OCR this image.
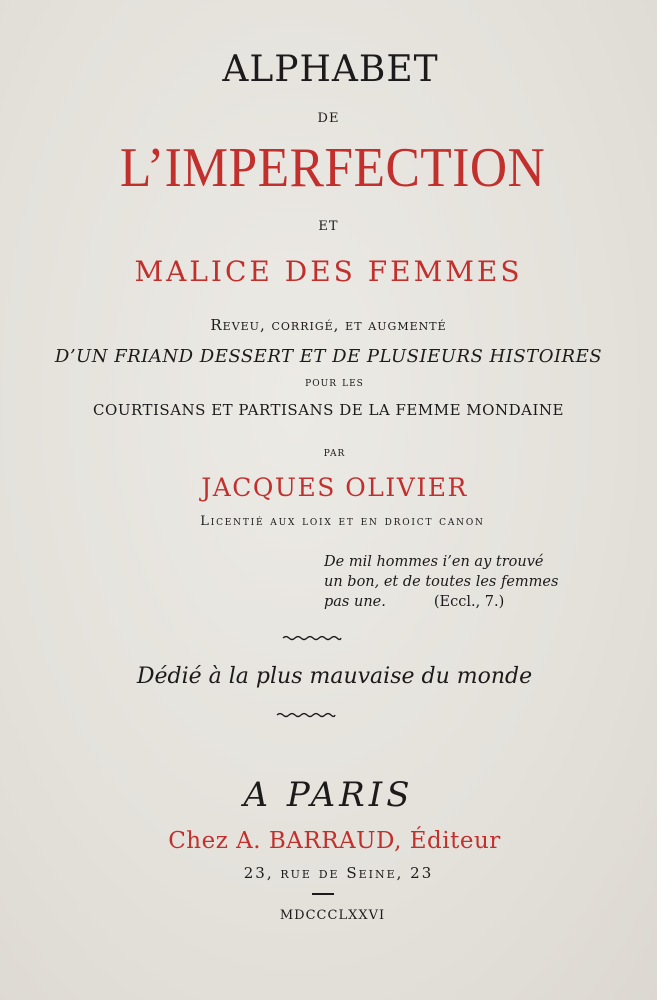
ALPHABET
DE
L’IMPERFECTION
ET
MALICE DES FEMMES
Reveu, corrigé, et augmenté
D’UN FRIAND DESSERT ET DE PLUSIEURS HISTOIRES
pour les
COURTISANS ET PARTISANS DE LA FEMME MONDAINE
par
JACQUES OLIVIER
Licentié aux loix et en droict canon
De mil hommes i’en ay trouvé
un bon, et de toutes les femmes
pas une.	(Eccl., 7.)
Dédié à la plus mauvaise du monde
A PARIS
Chez A. BARRAUD, Éditeur
23, rue de Seine, 23
MDCCCLXXVI
